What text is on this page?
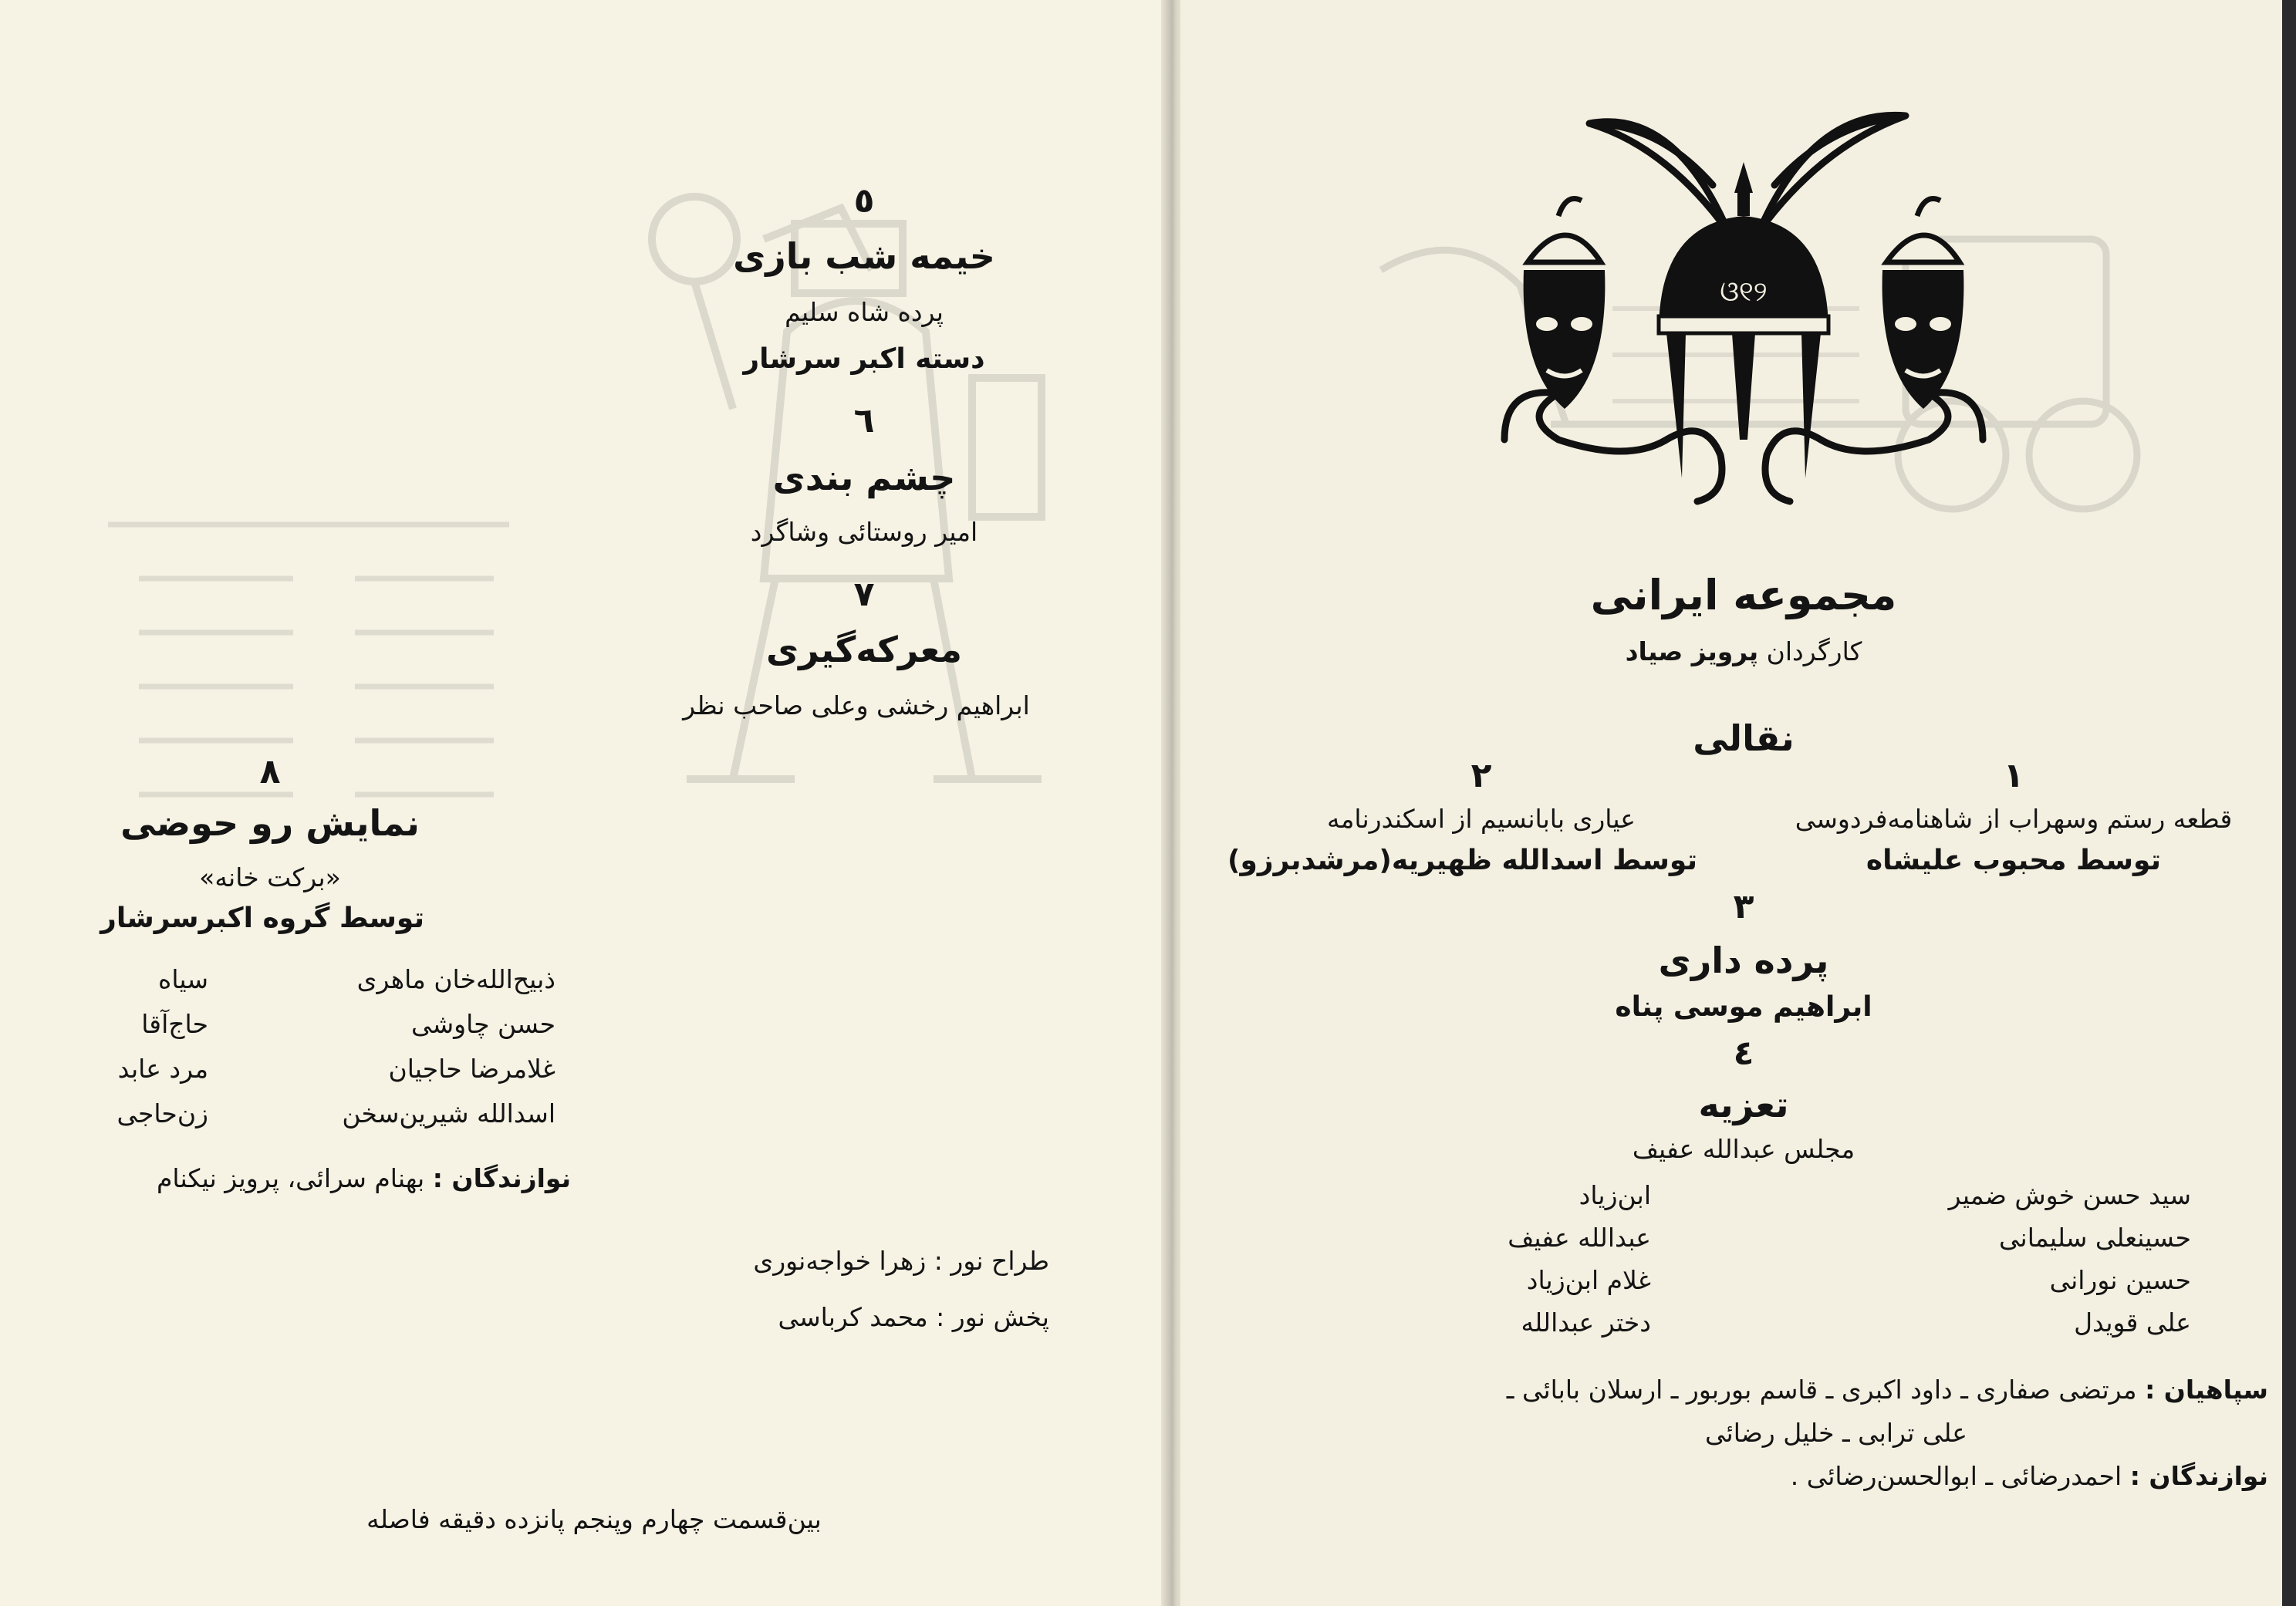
٥
خیمه شب بازی
پرده شاه سلیم
دسته اکبر سرشار
٦
چشم بندی
امیر روستائی وشاگرد
٧
معرکه‌گیری
ابراهیم رخشی وعلی صاحب نظر
٨
نمایش رو حوضی
«برکت خانه»
توسط گروه اکبرسرشار
ذبیح‌الله‌خان ماهری
سیاه
حسن چاوشی
حاج‌آقا
غلامرضا حاجیان
مرد عابد
اسدالله شیرین‌سخن
زن‌حاجی
نوازندگان : بهنام سرائی، پرویز نیکنام
طراح نور : زهرا خواجه‌نوری
پخش نور : محمد کرباسی
بین‌قسمت چهارم وپنجم پانزده دقیقه فاصله
ଓ୧୨
مجموعه ایرانی
کارگردان پرویز صیاد
نقالی
١
قطعه رستم وسهراب از شاهنامه‌فردوسی
توسط محبوب علیشاه
٢
عیاری بابانسیم از اسکندرنامه
توسط اسدالله ظهیریه(مرشدبرزو)
٣
پرده داری
ابراهیم موسی پناه
٤
تعزیه
مجلس عبدالله عفیف
سید حسن خوش ضمیر
ابن‌زیاد
حسینعلی سلیمانی
عبدالله عفیف
حسین نورانی
غلام ابن‌زیاد
علی قویدل
دختر عبدالله
سپاهیان : مرتضی صفاری ـ داود اکبری ـ قاسم بوربور ـ ارسلان بابائی ـ
علی ترابی ـ خلیل رضائی
نوازندگان : احمدرضائی ـ ابوالحسن‌رضائی .
